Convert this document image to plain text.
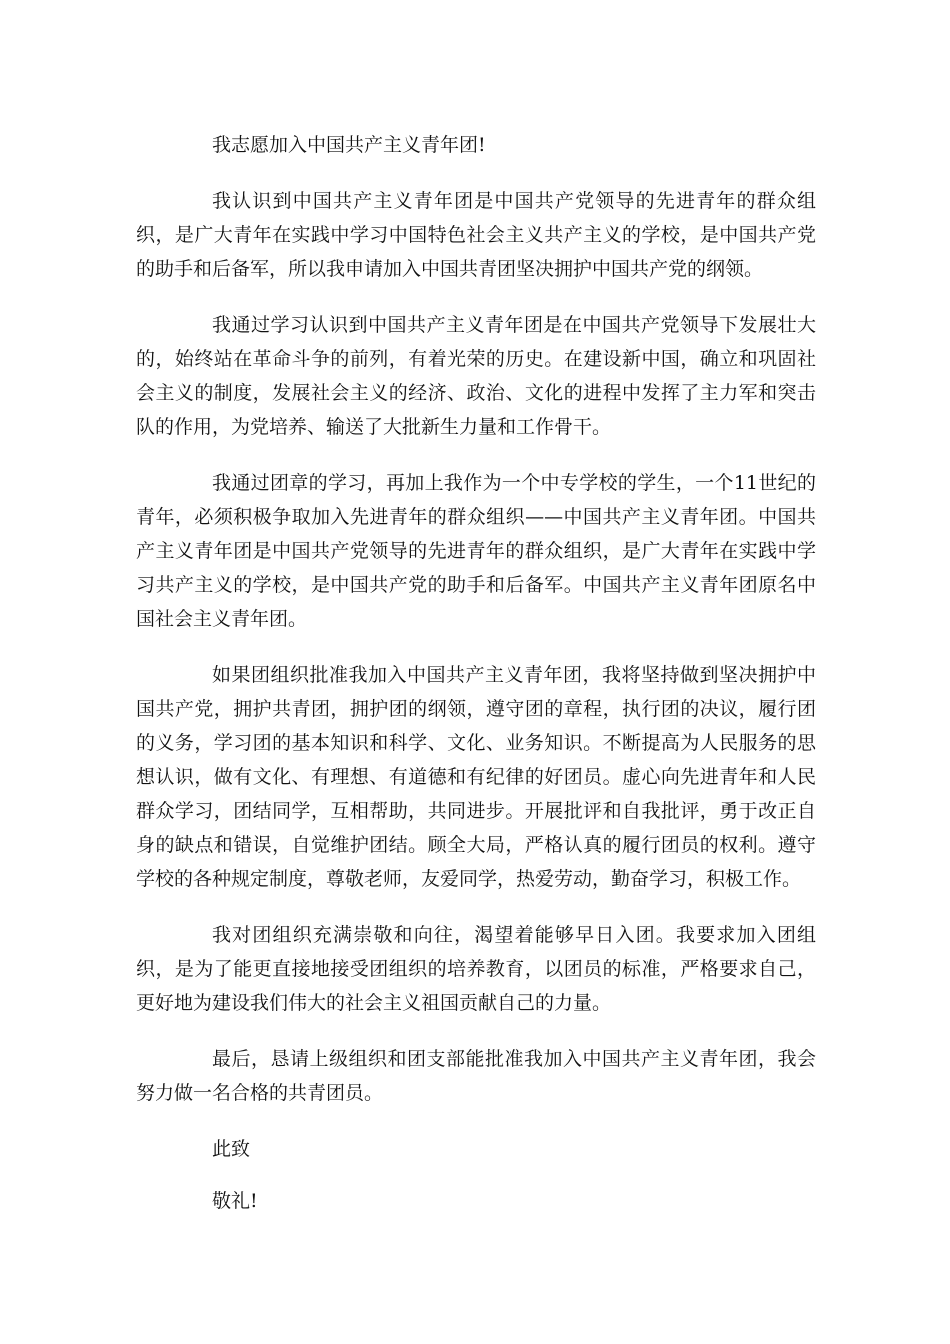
我志愿加入中国共产主义青年团!

我认识到中国共产主义青年团是中国共产党领导的先进青年的群众组织，是广大青年在实践中学习中国特色社会主义共产主义的学校，是中国共产党的助手和后备军，所以我申请加入中国共青团坚决拥护中国共产党的纲领。

我通过学习认识到中国共产主义青年团是在中国共产党领导下发展壮大的，始终站在革命斗争的前列，有着光荣的历史。在建设新中国，确立和巩固社会主义的制度，发展社会主义的经济、政治、文化的进程中发挥了主力军和突击队的作用，为党培养、输送了大批新生力量和工作骨干。

我通过团章的学习，再加上我作为一个中专学校的学生，一个11世纪的青年，必须积极争取加入先进青年的群众组织——中国共产主义青年团。中国共产主义青年团是中国共产党领导的先进青年的群众组织，是广大青年在实践中学习共产主义的学校，是中国共产党的助手和后备军。中国共产主义青年团原名中国社会主义青年团。

如果团组织批准我加入中国共产主义青年团，我将坚持做到坚决拥护中国共产党，拥护共青团，拥护团的纲领，遵守团的章程，执行团的决议，履行团的义务，学习团的基本知识和科学、文化、业务知识。不断提高为人民服务的思想认识，做有文化、有理想、有道德和有纪律的好团员。虚心向先进青年和人民群众学习，团结同学，互相帮助，共同进步。开展批评和自我批评，勇于改正自身的缺点和错误，自觉维护团结。顾全大局，严格认真的履行团员的权利。遵守学校的各种规定制度，尊敬老师，友爱同学，热爱劳动，勤奋学习，积极工作。

我对团组织充满崇敬和向往，渴望着能够早日入团。我要求加入团组织，是为了能更直接地接受团组织的培养教育，以团员的标准，严格要求自己，更好地为建设我们伟大的社会主义祖国贡献自己的力量。

最后，恳请上级组织和团支部能批准我加入中国共产主义青年团，我会努力做一名合格的共青团员。

此致

敬礼!
